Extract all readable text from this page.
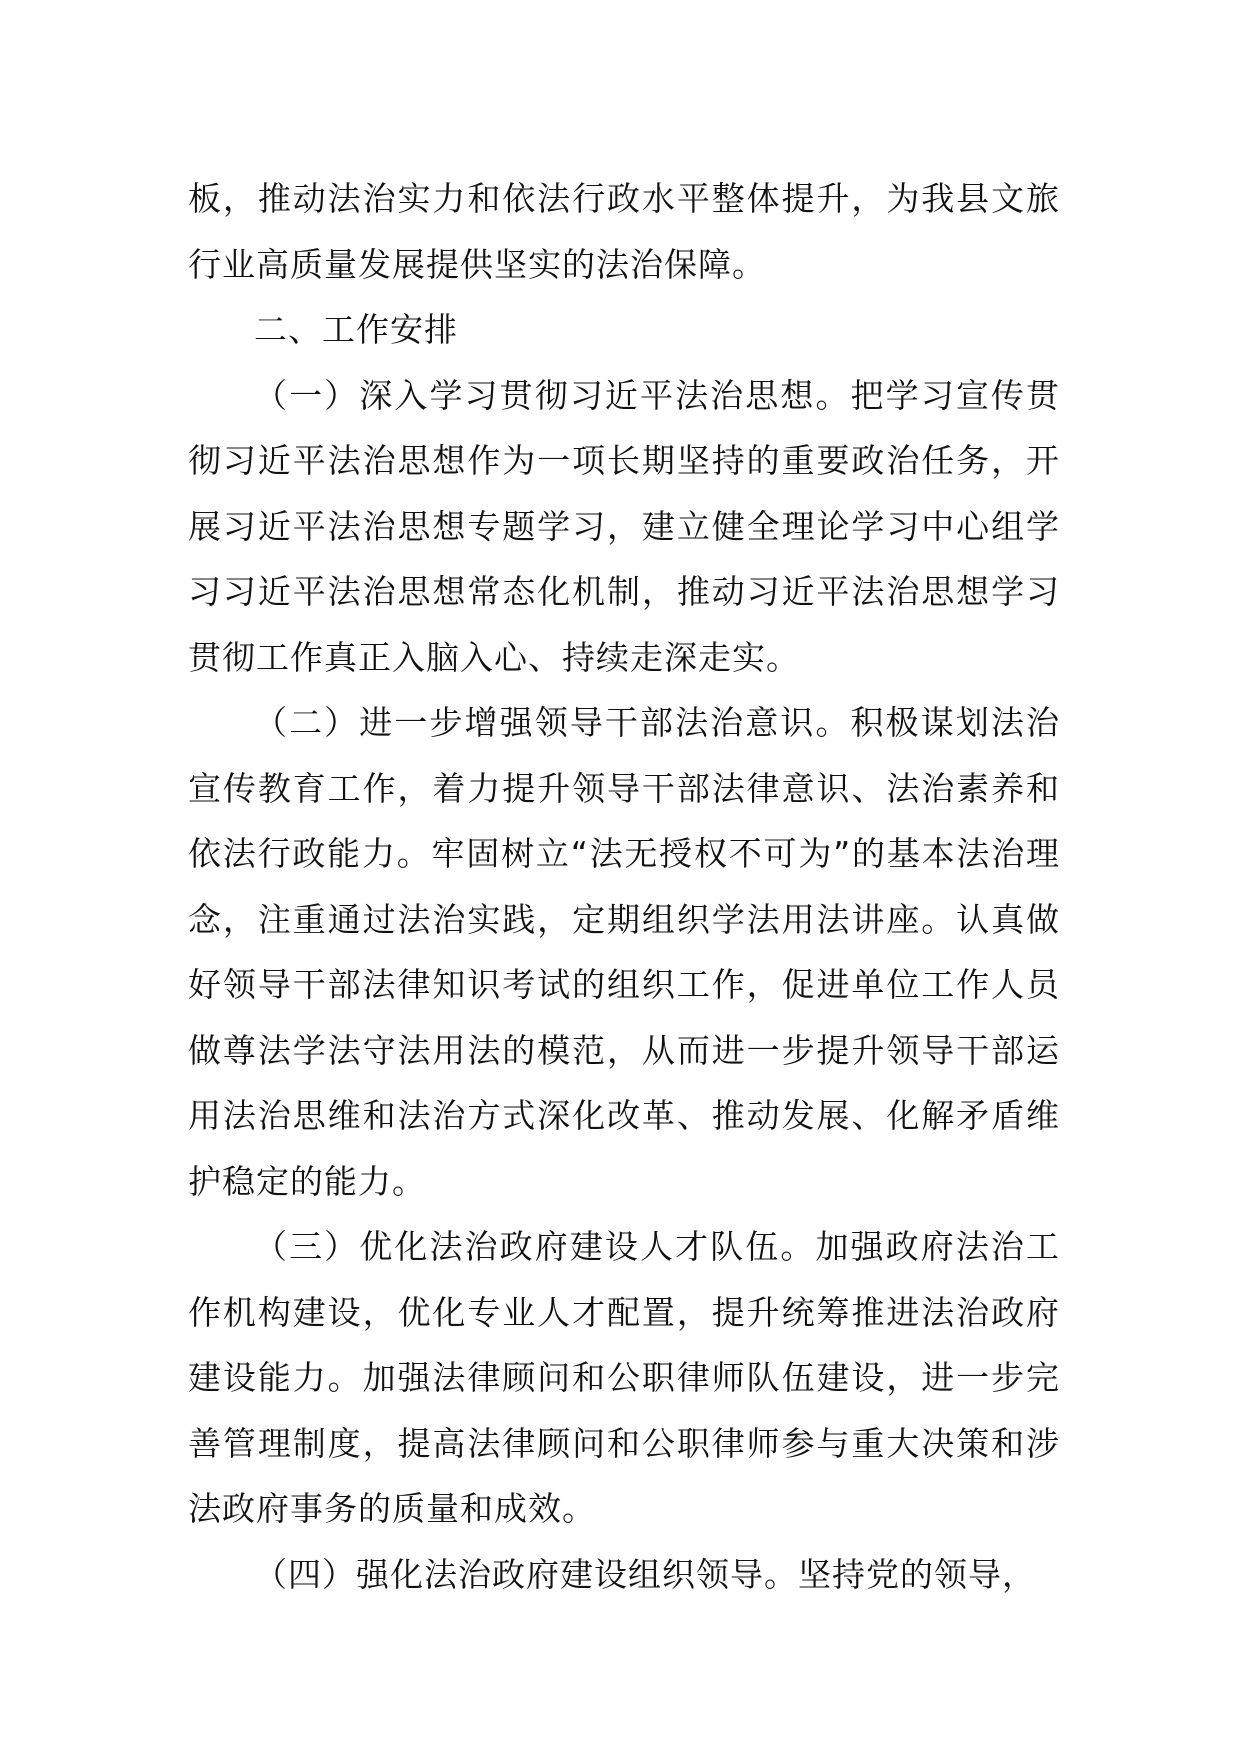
板，推动法治实力和依法行政水平整体提升，为我县文旅行业高质量发展提供坚实的法治保障。

二、工作安排

（一）深入学习贯彻习近平法治思想。把学习宣传贯彻习近平法治思想作为一项长期坚持的重要政治任务，开展习近平法治思想专题学习，建立健全理论学习中心组学习习近平法治思想常态化机制，推动习近平法治思想学习贯彻工作真正入脑入心、持续走深走实。

（二）进一步增强领导干部法治意识。积极谋划法治宣传教育工作，着力提升领导干部法律意识、法治素养和依法行政能力。牢固树立“法无授权不可为”的基本法治理念，注重通过法治实践，定期组织学法用法讲座。认真做好领导干部法律知识考试的组织工作，促进单位工作人员做尊法学法守法用法的模范，从而进一步提升领导干部运用法治思维和法治方式深化改革、推动发展、化解矛盾维护稳定的能力。

（三）优化法治政府建设人才队伍。加强政府法治工作机构建设，优化专业人才配置，提升统筹推进法治政府建设能力。加强法律顾问和公职律师队伍建设，进一步完善管理制度，提高法律顾问和公职律师参与重大决策和涉法政府事务的质量和成效。

（四）强化法治政府建设组织领导。坚持党的领导，
